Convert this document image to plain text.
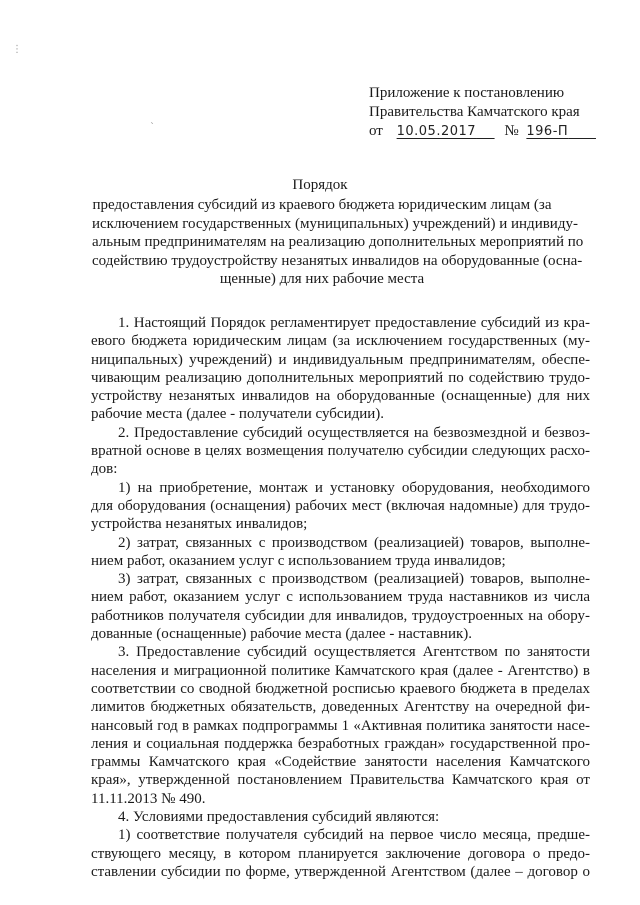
⋮
`
Приложение к постановлению
Правительства Камчатского края
от 10.05.2017 № 196-П
Порядок
предоставления субсидий из краевого бюджета юридическим лицам (за
исключением государственных (муниципальных) учреждений) и индивиду-
альным предпринимателям на реализацию дополнительных мероприятий по
содействию трудоустройству незанятых инвалидов на оборудованные (осна-
щенные) для них рабочие места
1. Настоящий Порядок регламентирует предоставление субсидий из кра-
евого бюджета юридическим лицам (за исключением государственных (му-
ниципальных) учреждений) и индивидуальным предпринимателям, обеспе-
чивающим реализацию дополнительных мероприятий по содействию трудо-
устройству незанятых инвалидов на оборудованные (оснащенные) для них
рабочие места (далее - получатели субсидии).
2. Предоставление субсидий осуществляется на безвозмездной и безвоз-
вратной основе в целях возмещения получателю субсидии следующих расхо-
дов:
1) на приобретение, монтаж и установку оборудования, необходимого
для оборудования (оснащения) рабочих мест (включая надомные) для трудо-
устройства незанятых инвалидов;
2) затрат, связанных с производством (реализацией) товаров, выполне-
нием работ, оказанием услуг с использованием труда инвалидов;
3) затрат, связанных с производством (реализацией) товаров, выполне-
нием работ, оказанием услуг с использованием труда наставников из числа
работников получателя субсидии для инвалидов, трудоустроенных на обору-
дованные (оснащенные) рабочие места (далее - наставник).
3. Предоставление субсидий осуществляется Агентством по занятости
населения и миграционной политике Камчатского края (далее - Агентство) в
соответствии со сводной бюджетной росписью краевого бюджета в пределах
лимитов бюджетных обязательств, доведенных Агентству на очередной фи-
нансовый год в рамках подпрограммы 1 «Активная политика занятости насе-
ления и социальная поддержка безработных граждан» государственной про-
граммы Камчатского края «Содействие занятости населения Камчатского
края», утвержденной постановлением Правительства Камчатского края от
11.11.2013 № 490.
4. Условиями предоставления субсидий являются:
1) соответствие получателя субсидий на первое число месяца, предше-
ствующего месяцу, в котором планируется заключение договора о предо-
ставлении субсидии по форме, утвержденной Агентством (далее – договор о
